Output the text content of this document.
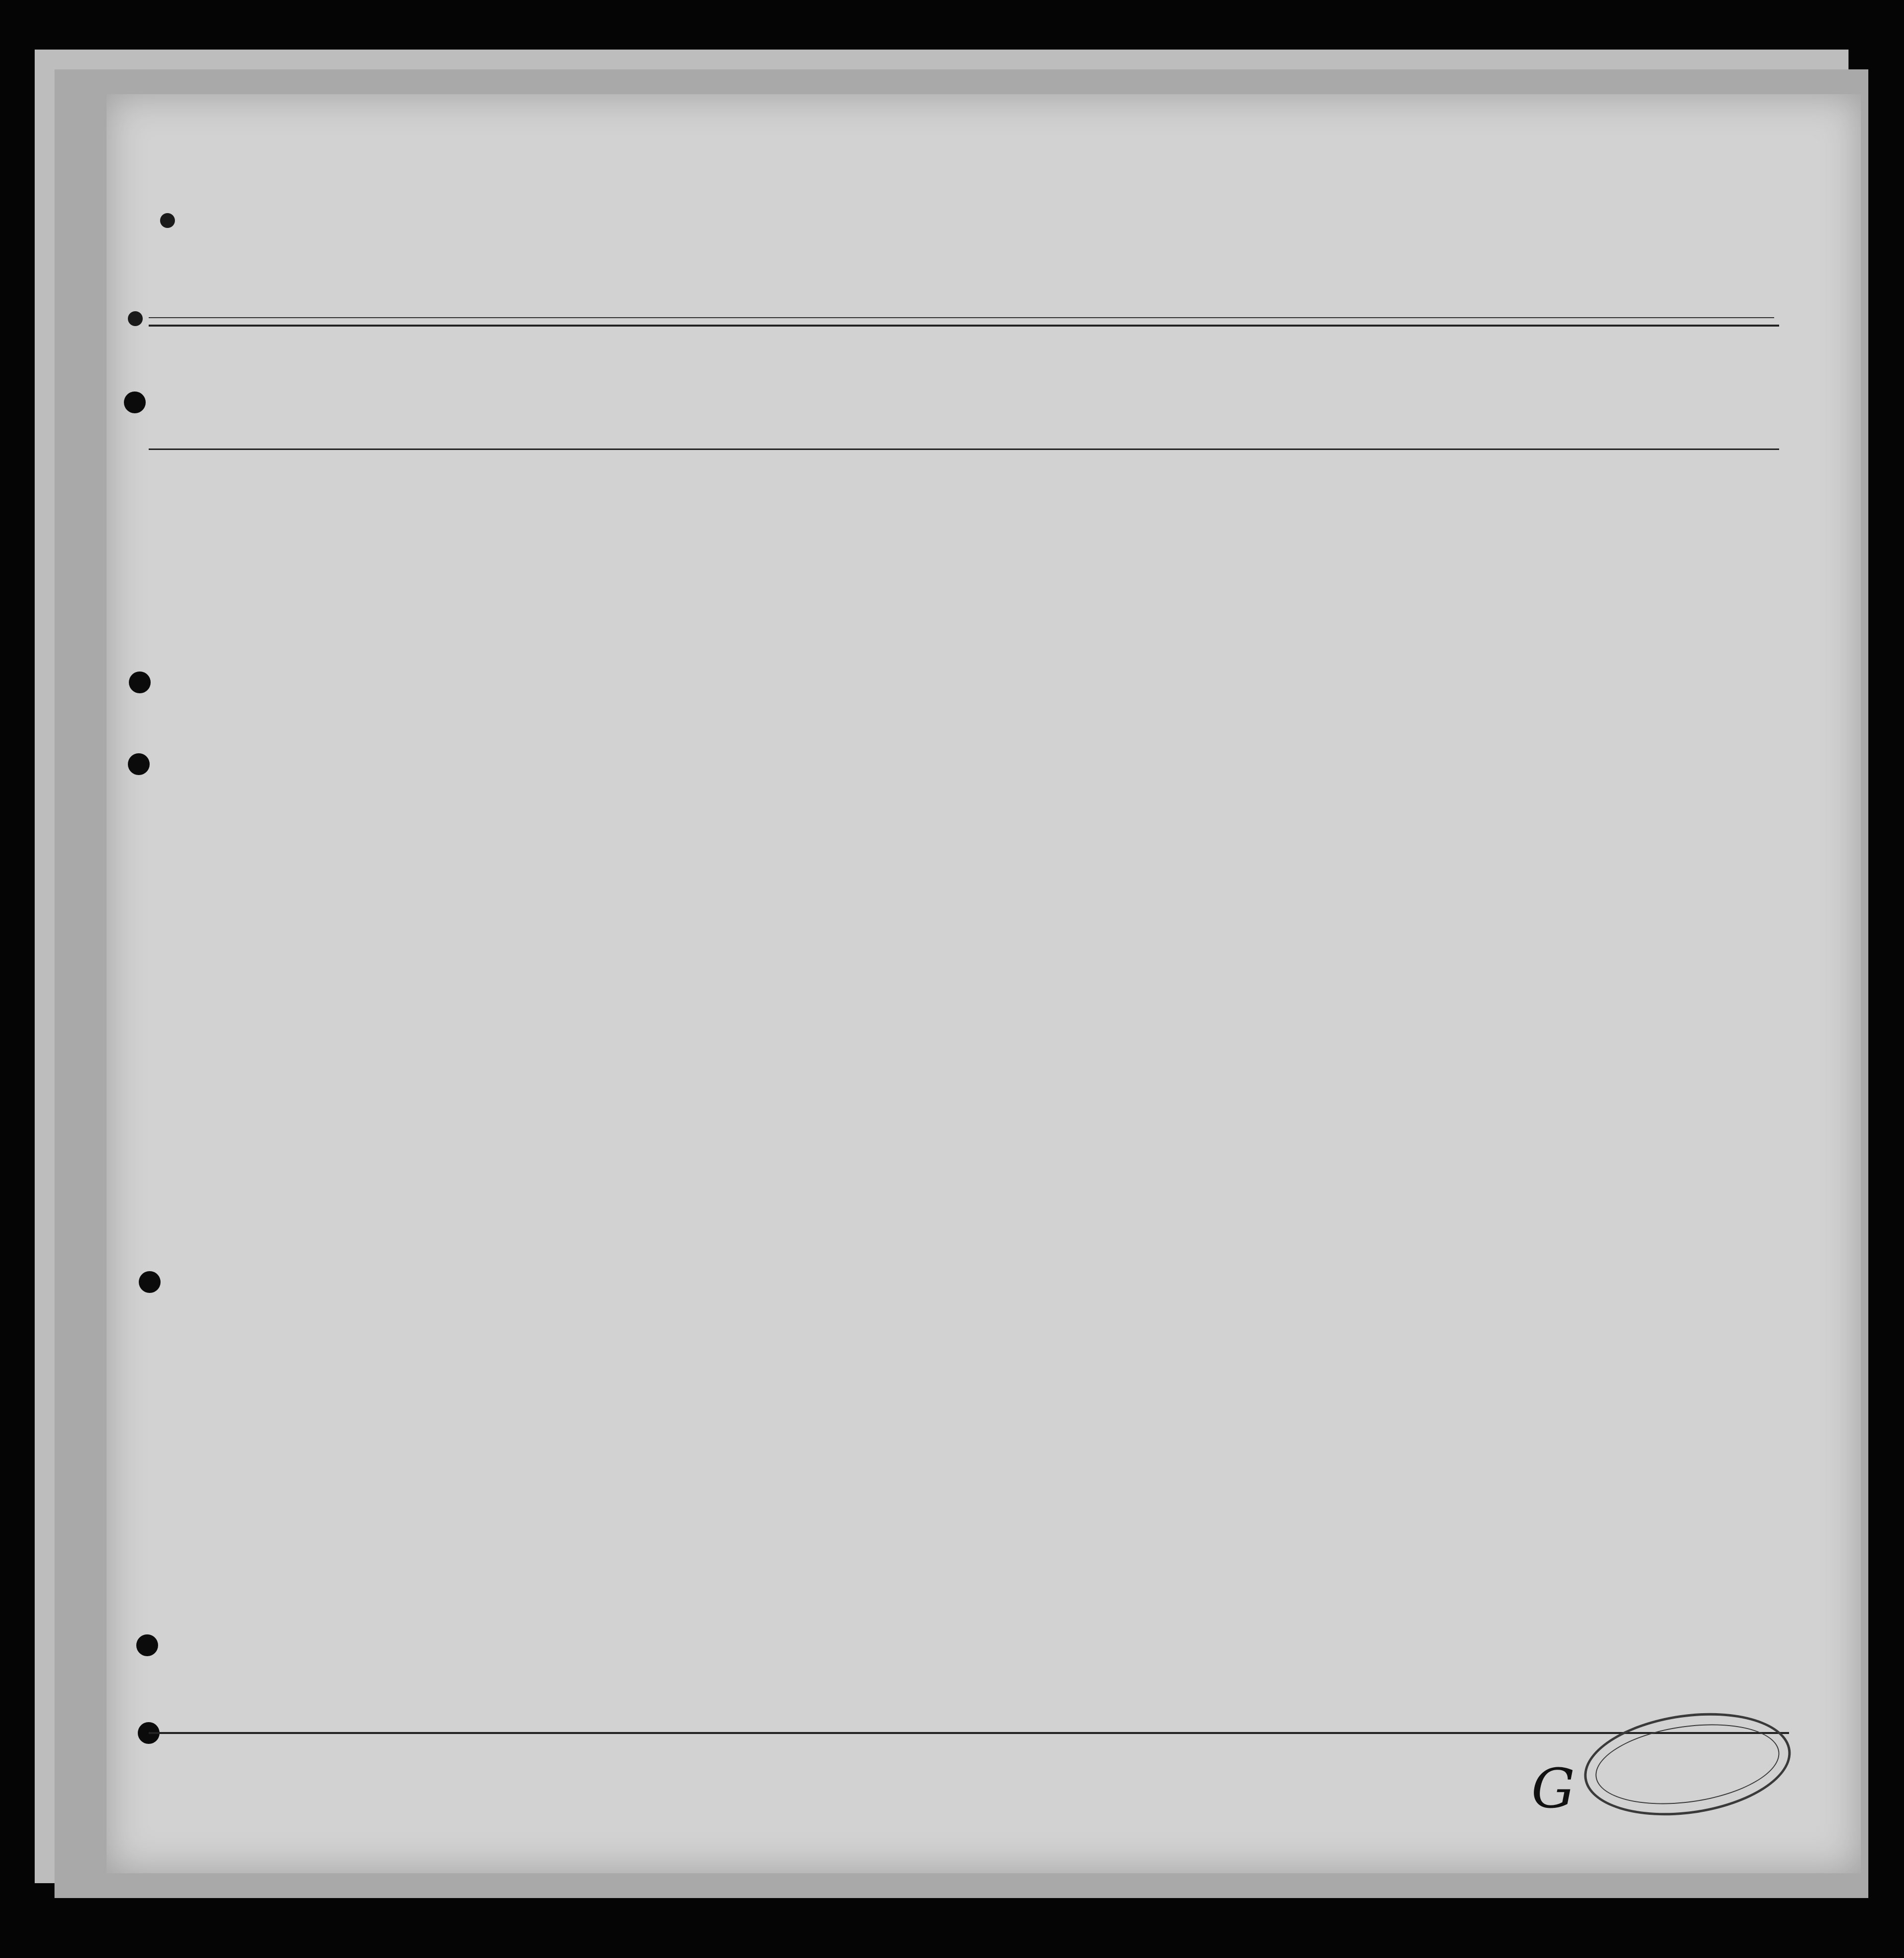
G
